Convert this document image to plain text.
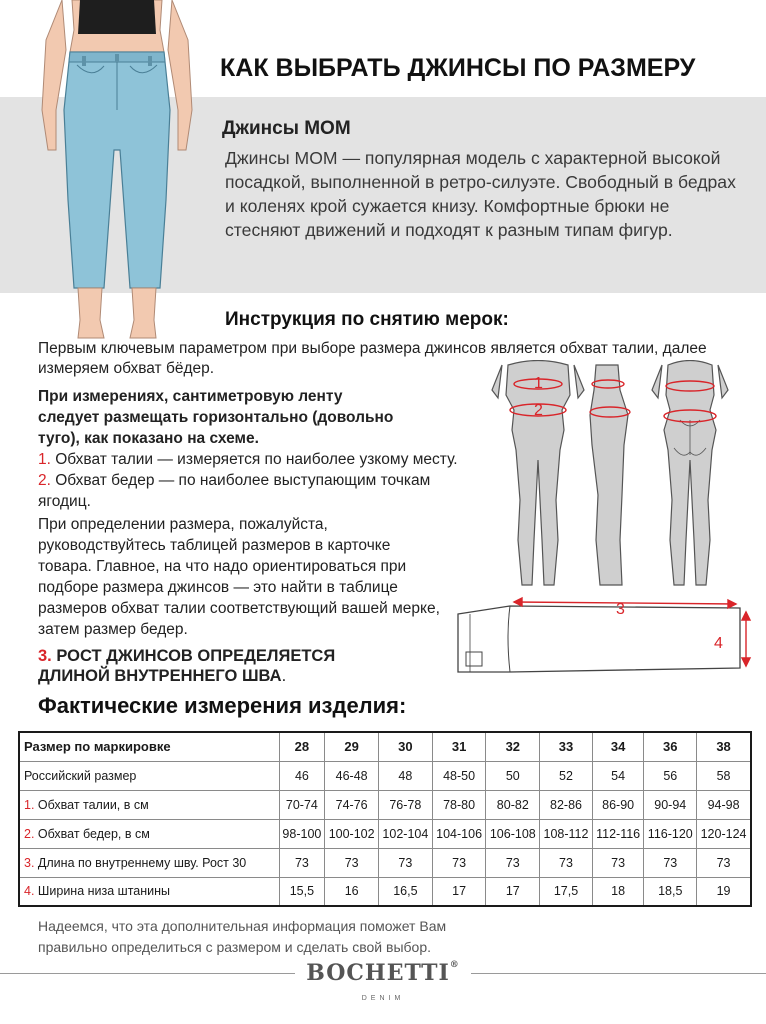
КАК ВЫБРАТЬ ДЖИНСЫ ПО РАЗМЕРУ
Джинсы MOM
Джинсы MOM — популярная модель с характерной высокой посадкой, выполненной в ретро-силуэте. Свободный в бедрах и коленях крой сужается книзу. Комфортные брюки не стесняют движений и подходят к разным типам фигур.
Инструкция по снятию мерок:
Первым ключевым параметром при выборе размера джинсов является обхват талии, далее измеряем обхват бёдер.

При измерениях, сантиметровую ленту следует размещать горизонтально (довольно туго), как показано на схеме.

1. Обхват талии — измеряется по наиболее узкому месту.

2. Обхват бедер — по наиболее выступающим точкам ягодиц.

При определении размера, пожалуйста, руководствуйтесь таблицей размеров в карточке товара. Главное, на что надо ориентироваться при подборе размера джинсов — это найти в таблице размеров обхват талии соответствующий вашей мерке, затем размер бедер.

3. РОСТ ДЖИНСОВ ОПРЕДЕЛЯЕТСЯ
ДЛИНОЙ ВНУТРЕННЕГО ШВА.

1
2
3
4
Фактические измерения изделия:
Размер по маркировке	28	29	30	31	32	33	34	36	38
Российский размер	46	46-48	48	48-50	50	52	54	56	58
1. Обхват талии, в см	70-74	74-76	76-78	78-80	80-82	82-86	86-90	90-94	94-98
2. Обхват бедер, в см	98-100	100-102	102-104	104-106	106-108	108-112	112-116	116-120	120-124
3. Длина по внутреннему шву. Рост 30	73	73	73	73	73	73	73	73	73
4. Ширина низа штанины	15,5	16	16,5	17	17	17,5	18	18,5	19
Надеемся, что эта дополнительная информация поможет Вам правильно определиться с размером и сделать свой выбор.
BOCHETTI®
DENIM
